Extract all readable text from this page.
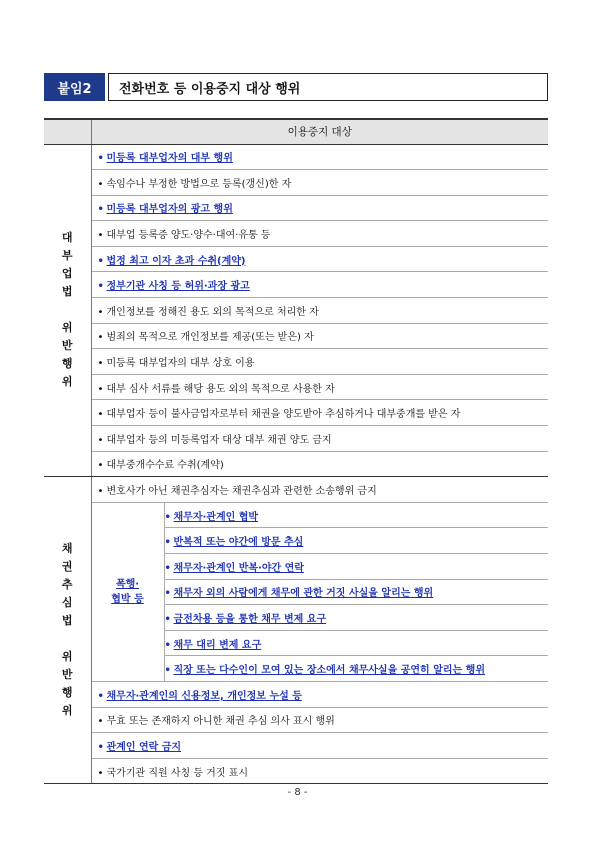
붙임2	전화번호 등 이용중지 대상 행위
	이용중지 대상

대
부
업
법
위
반
행
위
	• 미등록 대부업자의 대부 행위
• 속임수나 부정한 방법으로 등록(갱신)한 자
• 미등록 대부업자의 광고 행위
• 대부업 등록증 양도·양수·대여·유통 등
• 법정 최고 이자 초과 수취(계약)
• 정부기관 사칭 등 허위·과장 광고
• 개인정보를 정해진 용도 외의 목적으로 처리한 자
• 범죄의 목적으로 개인정보를 제공(또는 받은) 자
• 미등록 대부업자의 대부 상호 이용
• 대부 심사 서류를 해당 용도 외의 목적으로 사용한 자
• 대부업자 등이 불사금업자로부터 채권을 양도받아 추심하거나 대부중개를 받은 자
• 대부업자 등의 미등록업자 대상 대부 채권 양도 금지
• 대부중개수수료 수취(계약)

채
권
추
심
법
위
반
행
위
	• 변호사가 아닌 채권추심자는 채권추심과 관련한 소송행위 금지

폭행·
협박 등
	• 채무자·관계인 협박
• 반복적 또는 야간에 방문 추심
• 채무자·관계인 반복·야간 연락
• 채무자 외의 사람에게 채무에 관한 거짓 사실을 알리는 행위
• 금전차용 등을 통한 채무 변제 요구
• 채무 대리 변제 요구
• 직장 또는 다수인이 모여 있는 장소에서 채무사실을 공연히 알리는 행위

• 채무자·관계인의 신용정보, 개인정보 누설 등
• 무효 또는 존재하지 아니한 채권 추심 의사 표시 행위
• 관계인 연락 금지
• 국가기관 직원 사칭 등 거짓 표시
- 8 -
